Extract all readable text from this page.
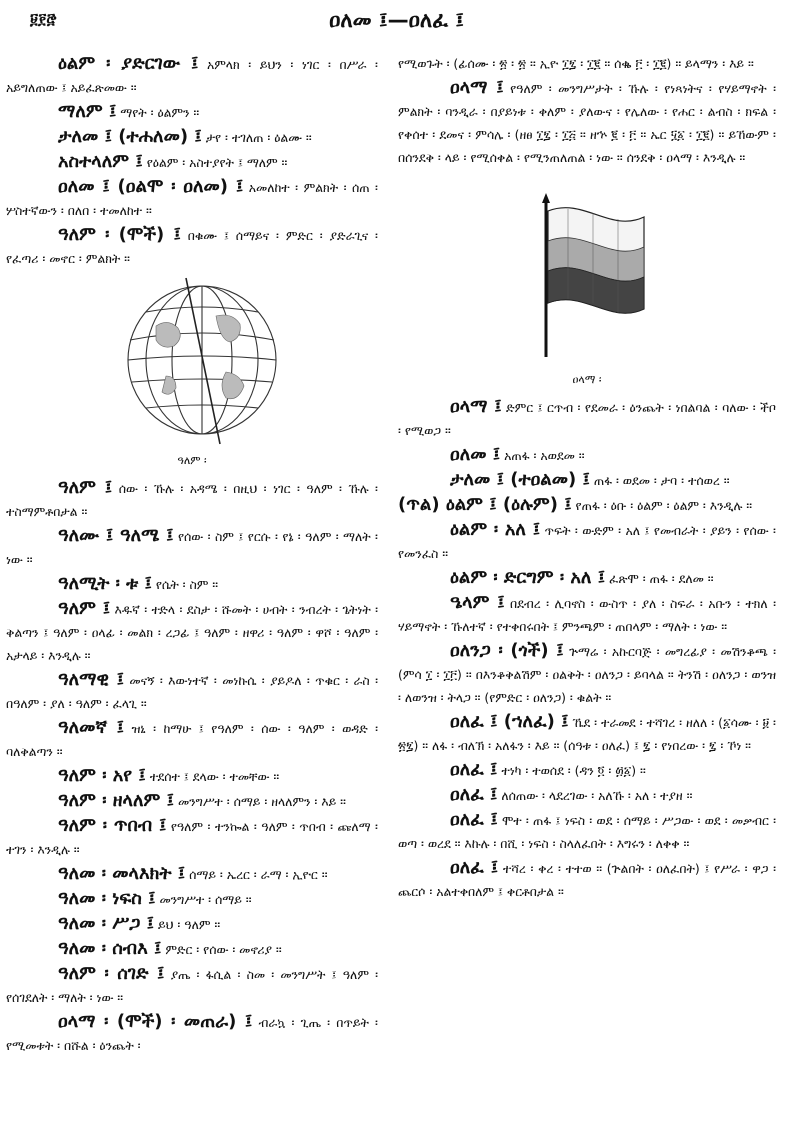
፱፻፸	ዐለመ ፤—ዐለፈ ፤

ዕልም ፡ ያድርገው ፤ አምላክ ፡ ይህን ፡ ነገር ፡ በሥራ ፡ አይግለጠው ፤ አይፈጽመው ።

ማለም ፤ ማየት ፡ ዕልምን ።

ታለመ ፤ (ተሐለመ) ፤ ታየ ፡ ተገለጠ ፡ ዕልሙ ።

አስተላለም ፤ የዕልም ፡ አስተያየት ፤ ማለም ።

ዐለመ ፤ (ዐልሞ ፡ ዐለመ) ፤ አመለከተ ፡ ምልክት ፡ ሰጠ ፡ ሦስተኛውን ፡ በለበ ፡ ተመለከተ ።

ዓለም ፡ (ሞች) ፤ በቁሙ ፤ ሰማይና ፡ ምድር ፡ ያድራጊና ፡ የፈጣሪ ፡ መኖር ፡ ምልክት ።

ዓለም ፡

ዓለም ፤ ሰው ፡ ኹሉ ፡ አዳሜ ፡ በዚህ ፡ ነገር ፡ ዓለም ፡ ኹሉ ፡ ተስማምቶበታል ።

ዓለሙ ፤ ዓለሜ ፤ የሰው ፡ ስም ፤ የርሱ ፡ የኔ ፡ ዓለም ፡ ማለት ፡ ነው ።

ዓለሚት ፡ ቱ ፤ የሴት ፡ ስም ።

ዓለም ፤ እዱኛ ፡ ተድላ ፡ ደስታ ፡ ሹመት ፡ ሀብት ፡ ንብረት ፡ ጌትነት ፡ ቅልጣን ፤ ዓለም ፡ ዐላፊ ፡ መልክ ፡ ረጋፊ ፤ ዓለም ፡ ዘዋሪ ፡ ዓለም ፡ ዋሾ ፡ ዓለም ፡ አታላይ ፡ እንዲሉ ።

ዓለማዊ ፤ መናኝ ፡ እውነተኛ ፡ መነኩሴ ፡ ያይዶለ ፡ ጥቁር ፡ ራስ ፡ በዓለም ፡ ያለ ፡ ዓለም ፡ ፈላጊ ።

ዓለመኛ ፤ ዝኒ ፡ ከማሁ ፤ የዓለም ፡ ሰው ፡ ዓለም ፡ ወዳድ ፡ ባለቅልጣን ።

ዓለም ፡ አየ ፤ ተደሰተ ፤ ደላው ፡ ተመቸው ።

ዓለም ፡ ዘላለም ፤ መንግሥተ ፡ ሰማይ ፡ ዘላለምን ፡ እይ ።

ዓለም ፡ ጥበብ ፤ የዓለም ፡ ተንኰል ፡ ዓለም ፡ ጥበብ ፡ ጩለማ ፡ ተገን ፡ እንዲሉ ።

ዓለመ ፡ መላእክት ፤ ሰማይ ፡ ኤረር ፡ ራማ ፡ ኢዮር ።

ዓለመ ፡ ነፍስ ፤ መንግሥተ ፡ ሰማይ ።

ዓለመ ፡ ሥጋ ፤ ይህ ፡ ዓለም ።

ዓለመ ፡ ሰብእ ፤ ምድር ፡ የሰው ፡ መኖሪያ ።

ዓለም ፡ ሰገድ ፤ ያጤ ፡ ፋሲል ፡ ስመ ፡ መንግሥት ፤ ዓለም ፡ የሰገደለት ፡ ማለት ፡ ነው ።

ዐላማ ፡ (ሞች) ፡ መጠራ) ፤ ብራኳ ፡ ጊጤ ፡ በጥይት ፡ የሚመቱት ፡ በሹል ፡ ዕንጨት ፡

የሚወጉት ፡ (ፊሰሙ ፡ ፳ ፡ ፳ ። ኢዮ ፲፯ ፡ ፲፪ ። ሰቈ ፫ ፡ ፲፪) ። ይላማን ፡ እይ ።

ዐላማ ፤ የዓለም ፡ መንግሥታት ፡ ኹሉ ፡ የነጻነትና ፡ የሃይማኖት ፡ ምልክት ፡ ባንዲራ ፡ በያይነቱ ፡ ቀለም ፡ ያለውና ፡ የሌለው ፡ የሐር ፡ ልብስ ፡ ክፍል ፡ የቀሰተ ፡ ደመና ፡ ምሳሌ ፡ (ዘፀ ፲፯ ፡ ፲፭ ። ዘኍ ፪ ፡ ፫ ። ኤር ፶፩ ፡ ፲፪) ። ይኸውም ፡ በሰንደቅ ፡ ላይ ፡ የሚሰቀል ፡ የሚንጠለጠል ፡ ነው ። ሰንደቅ ፡ ዐላማ ፡ እንዲሉ ።

ዐላማ ፡

ዐላማ ፤ ድምር ፤ ርጥብ ፡ የደመራ ፡ ዕንጨት ፡ ነበልባል ፡ ባለው ፡ ችቦ ፡ የሚወጋ ።

ዐለመ ፤ አጠፋ ፡ አወደመ ።

ታለመ ፤ (ተዐልመ) ፤ ጠፋ ፡ ወደመ ፡ ታባ ፡ ተሰወረ ።

(ጥል) ዕልም ፤ (ዕሉም) ፤ የጠፋ ፡ ዕቡ ፡ ዕልም ፡ ዕልም ፡ እንዲሉ ።

ዕልም ፡ አለ ፤ ጥፍት ፡ ውድም ፡ አለ ፤ የመብራት ፡ ያይን ፡ የሰው ፡ የመንፈስ ።

ዕልም ፡ ድርግም ፡ አለ ፤ ፈጽሞ ፡ ጠፋ ፡ ደለመ ።

ዔላም ፤ በደብረ ፡ ሊባኖስ ፡ ውስጥ ፡ ያለ ፡ ስፍራ ፡ አቡን ፡ ተክለ ፡ ሃይማኖት ፡ ኹለተኛ ፡ የተቀበሩበት ፤ ምንጫም ፡ ጠበላም ፡ ማለት ፡ ነው ።

ዐለንጋ ፡ (ጎች) ፤ ጕማሬ ፡ አኩርባጅ ፡ መግረፊያ ፡ መሽንቆጫ ፡ (ምሳ ፲ ፡ ፲፫) ። በእንቆቅልሽም ፡ ዐልቅት ፡ ዐለንጋ ፡ ይባላል ። ትንሽ ፡ ዐለንጋ ፡ ወንዝ ፡ ለወንዝ ፡ ትላጋ ። (የምድር ፡ ዐለንጋ) ፡ ቁልት ።

ዐለፈ ፤ (ኀለፈ) ፤ ኼደ ፡ ተራመደ ፡ ተሻገረ ፡ ዘለለ ፡ (፩ሳሙ ፡ ፱ ፡ ፳፯) ። ለፋ ፡ ብለኽ ፡ አለፋን ፡ እይ ። (ሰዓቱ ፡ ዐለፈ) ፤ ፯ ፡ የነበረው ፡ ፯ ፡ ኾነ ።

ዐለፈ ፤ ተነካ ፡ ተወሰደ ፡ (ዳን ፬ ፡ ፴፩) ።

ዐለፈ ፤ ለሰጠው ፡ ላደረገው ፡ አለኹ ፡ አለ ፡ ተያዘ ።

ዐለፈ ፤ ሞተ ፡ ጠፋ ፤ ነፍስ ፡ ወደ ፡ ሰማይ ፡ ሥጋው ፡ ወደ ፡ መቃብር ፡ ወጣ ፡ ወረደ ። እኩሉ ፡ በሺ ፡ ነፍስ ፡ ስላለፈበት ፡ እግሩን ፡ ለቀቀ ።

ዐለፈ ፤ ተሻረ ፡ ቀረ ፡ ተተወ ። (ጕልበት ፡ ዐለፈበት) ፤ የሥራ ፡ ዋጋ ፡ ጨርሶ ፡ አልተቀበለም ፤ ቀርቶበታል ።
